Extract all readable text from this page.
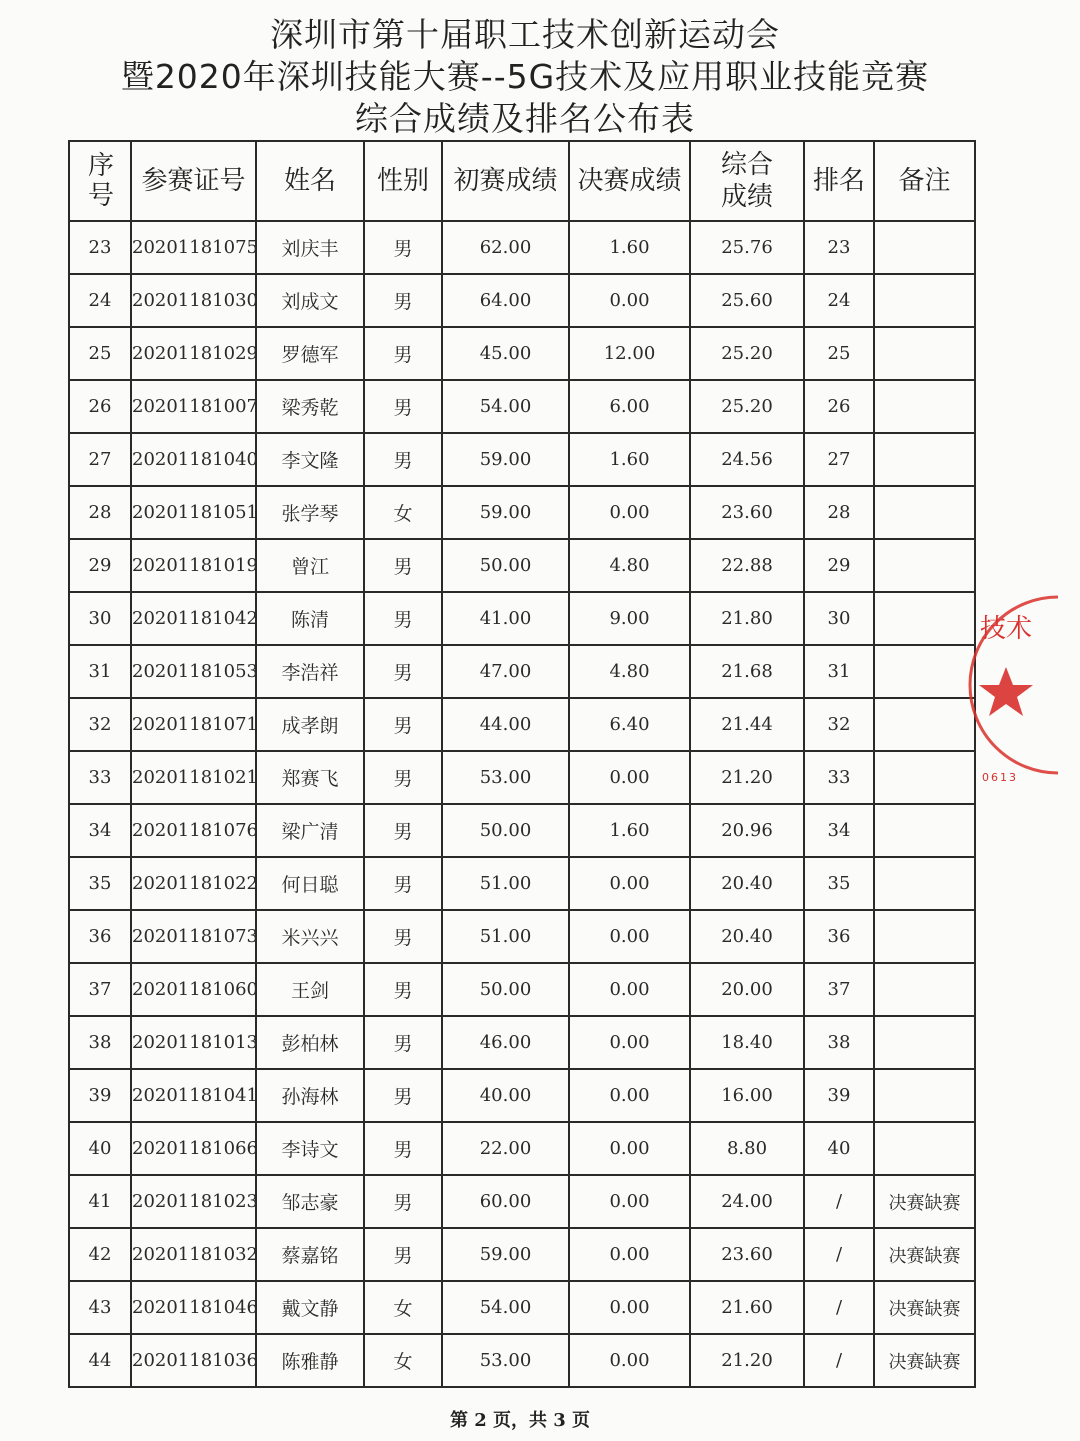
深圳市第十届职工技术创新运动会
暨2020年深圳技能大赛--5G技术及应用职业技能竞赛
综合成绩及排名公布表
序号	参赛证号	姓名	性别	初赛成绩	决赛成绩	综合成绩	排名	备注
23	20201181075	刘庆丰	男	62.00	1.60	25.76	23	
24	20201181030	刘成文	男	64.00	0.00	25.60	24	
25	20201181029	罗德军	男	45.00	12.00	25.20	25	
26	20201181007	梁秀乾	男	54.00	6.00	25.20	26	
27	20201181040	李文隆	男	59.00	1.60	24.56	27	
28	20201181051	张学琴	女	59.00	0.00	23.60	28	
29	20201181019	曾江	男	50.00	4.80	22.88	29	
30	20201181042	陈清	男	41.00	9.00	21.80	30	
31	20201181053	李浩祥	男	47.00	4.80	21.68	31	
32	20201181071	成孝朗	男	44.00	6.40	21.44	32	
33	20201181021	郑赛飞	男	53.00	0.00	21.20	33	
34	20201181076	梁广清	男	50.00	1.60	20.96	34	
35	20201181022	何日聪	男	51.00	0.00	20.40	35	
36	20201181073	米兴兴	男	51.00	0.00	20.40	36	
37	20201181060	王剑	男	50.00	0.00	20.00	37	
38	20201181013	彭柏林	男	46.00	0.00	18.40	38	
39	20201181041	孙海林	男	40.00	0.00	16.00	39	
40	20201181066	李诗文	男	22.00	0.00	8.80	40	
41	20201181023	邹志豪	男	60.00	0.00	24.00	/	决赛缺赛
42	20201181032	蔡嘉铭	男	59.00	0.00	23.60	/	决赛缺赛
43	20201181046	戴文静	女	54.00	0.00	21.60	/	决赛缺赛
44	20201181036	陈雅静	女	53.00	0.00	21.20	/	决赛缺赛
技术
0613
第 2 页，共 3 页
